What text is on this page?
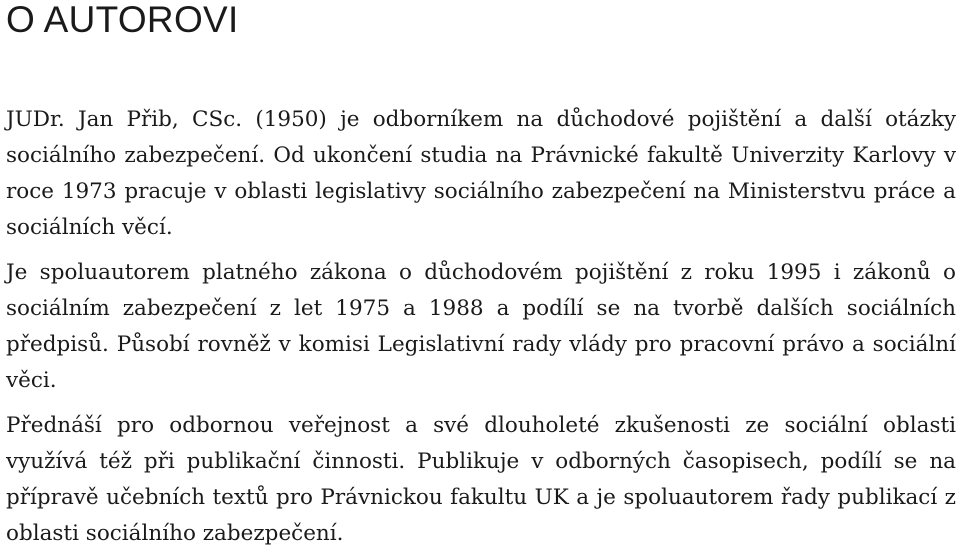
O AUTOROVI

JUDr. Jan Přib, CSc. (1950) je odborníkem na důchodové pojištění a další otázky sociálního zabezpečení. Od ukončení studia na Právnické fakultě Univerzity Karlovy v roce 1973 pracuje v oblasti legislativy sociálního zabezpečení na Ministerstvu práce a sociálních věcí.

Je spoluautorem platného zákona o důchodovém pojištění z roku 1995 i zákonů o sociálním zabezpečení z let 1975 a 1988 a podílí se na tvorbě dalších sociálních předpisů. Působí rovněž v komisi Legislativní rady vlády pro pracovní právo a sociální věci.

Přednáší pro odbornou veřejnost a své dlouholeté zkušenosti ze sociální oblasti využívá též při publikační činnosti. Publikuje v odborných časopisech, podílí se na přípravě učebních textů pro Právnickou fakultu UK a je spoluautorem řady publikací z oblasti sociálního zabezpečení.
